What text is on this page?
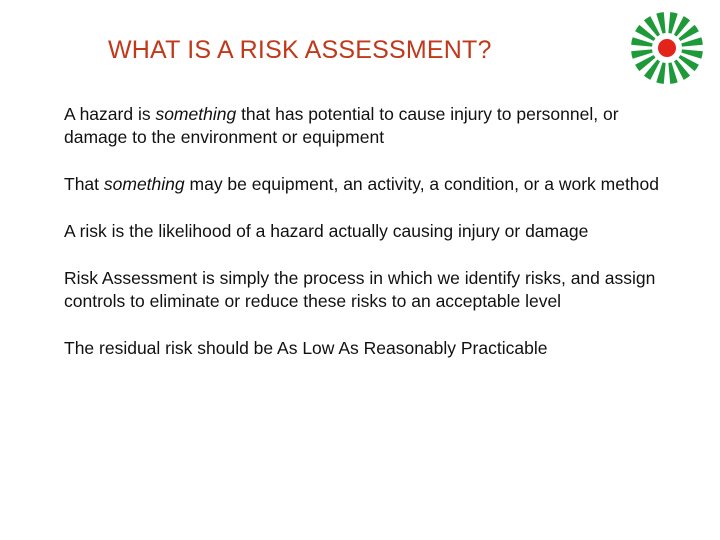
WHAT IS A RISK ASSESSMENT?

A hazard is something that has potential to cause injury to personnel, or damage to the environment or equipment

That something may be equipment, an activity, a condition, or a work method

A risk is the likelihood of a hazard actually causing injury or damage

Risk Assessment is simply the process in which we identify risks, and assign controls to eliminate or reduce these risks to an acceptable level

The residual risk should be As Low As Reasonably Practicable
